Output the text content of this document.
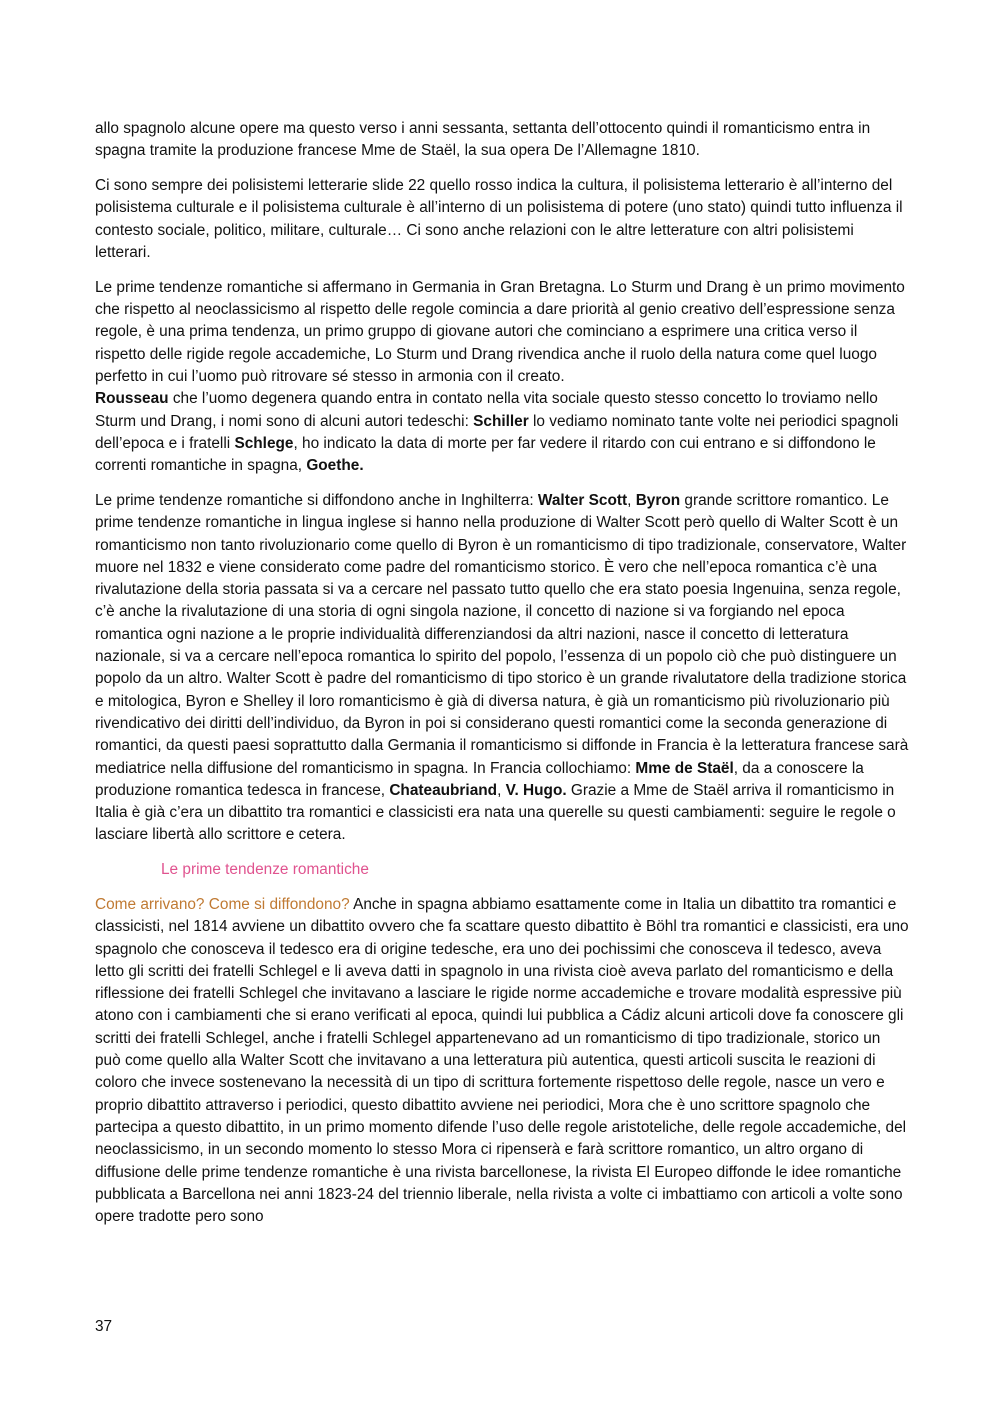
allo spagnolo alcune opere ma questo verso i anni sessanta, settanta dell’ottocento quindi il romanticismo entra in spagna tramite la produzione francese Mme de Staël, la sua opera De l’Allemagne 1810.

Ci sono sempre dei polisistemi letterarie slide 22 quello rosso indica la cultura, il polisistema letterario è all’interno del polisistema culturale e il polisistema culturale è all’interno di un polisistema di potere (uno stato) quindi tutto influenza il contesto sociale, politico, militare, culturale… Ci sono anche relazioni con le altre letterature con altri polisistemi letterari.

Le prime tendenze romantiche si affermano in Germania in Gran Bretagna. Lo Sturm und Drang è un primo movimento che rispetto al neoclassicismo al rispetto delle regole comincia a dare priorità al genio creativo dell’espressione senza regole, è una prima tendenza, un primo gruppo di giovane autori che cominciano a esprimere una critica verso il rispetto delle rigide regole accademiche, Lo Sturm und Drang rivendica anche il ruolo della natura come quel luogo perfetto in cui l’uomo può ritrovare sé stesso in armonia con il creato.
Rousseau che l’uomo degenera quando entra in contato nella vita sociale questo stesso concetto lo troviamo nello Sturm und Drang, i nomi sono di alcuni autori tedeschi: Schiller lo vediamo nominato tante volte nei periodici spagnoli dell’epoca e i fratelli Schlege, ho indicato la data di morte per far vedere il ritardo con cui entrano e si diffondono le correnti romantiche in spagna, Goethe.

Le prime tendenze romantiche si diffondono anche in Inghilterra: Walter Scott, Byron grande scrittore romantico. Le prime tendenze romantiche in lingua inglese si hanno nella produzione di Walter Scott però quello di Walter Scott è un romanticismo non tanto rivoluzionario come quello di Byron è un romanticismo di tipo tradizionale, conservatore, Walter muore nel 1832 e viene considerato come padre del romanticismo storico. È vero che nell’epoca romantica c’è una rivalutazione della storia passata si va a cercare nel passato tutto quello che era stato poesia Ingenuina, senza regole, c’è anche la rivalutazione di una storia di ogni singola nazione, il concetto di nazione si va forgiando nel epoca romantica ogni nazione a le proprie individualità differenziandosi da altri nazioni, nasce il concetto di letteratura nazionale, si va a cercare nell’epoca romantica lo spirito del popolo, l’essenza di un popolo ciò che può distinguere un popolo da un altro. Walter Scott è padre del romanticismo di tipo storico è un grande rivalutatore della tradizione storica e mitologica, Byron e Shelley il loro romanticismo è già di diversa natura, è già un romanticismo più rivoluzionario più rivendicativo dei diritti dell’individuo, da Byron in poi si considerano questi romantici come la seconda generazione di romantici, da questi paesi soprattutto dalla Germania il romanticismo si diffonde in Francia è la letteratura francese sarà mediatrice nella diffusione del romanticismo in spagna. In Francia collochiamo: Mme de Staël, da a conoscere la produzione romantica tedesca in francese, Chateaubriand, V. Hugo. Grazie a Mme de Staël arriva il romanticismo in Italia è già c’era un dibattito tra romantici e classicisti era nata una querelle su questi cambiamenti: seguire le regole o lasciare libertà allo scrittore e cetera.

Le prime tendenze romantiche

Come arrivano? Come si diffondono? Anche in spagna abbiamo esattamente come in Italia un dibattito tra romantici e classicisti, nel 1814 avviene un dibattito ovvero che fa scattare questo dibattito è Böhl tra romantici e classicisti, era uno spagnolo che conosceva il tedesco era di origine tedesche, era uno dei pochissimi che conosceva il tedesco, aveva letto gli scritti dei fratelli Schlegel e li aveva datti in spagnolo in una rivista cioè aveva parlato del romanticismo e della riflessione dei fratelli Schlegel che invitavano a lasciare le rigide norme accademiche e trovare modalità espressive più atono con i cambiamenti che si erano verificati al epoca, quindi lui pubblica a Cádiz alcuni articoli dove fa conoscere gli scritti dei fratelli Schlegel, anche i fratelli Schlegel appartenevano ad un romanticismo di tipo tradizionale, storico un può come quello alla Walter Scott che invitavano a una letteratura più autentica, questi articoli suscita le reazioni di coloro che invece sostenevano la necessità di un tipo di scrittura fortemente rispettoso delle regole, nasce un vero e proprio dibattito attraverso i periodici, questo dibattito avviene nei periodici, Mora che è uno scrittore spagnolo che partecipa a questo dibattito, in un primo momento difende l’uso delle regole aristoteliche, delle regole accademiche, del neoclassicismo, in un secondo momento lo stesso Mora ci ripenserà e farà scrittore romantico, un altro organo di diffusione delle prime tendenze romantiche è una rivista barcellonese, la rivista El Europeo diffonde le idee romantiche pubblicata a Barcellona nei anni 1823-24 del triennio liberale, nella rivista a volte ci imbattiamo con articoli a volte sono opere tradotte pero sono

37
